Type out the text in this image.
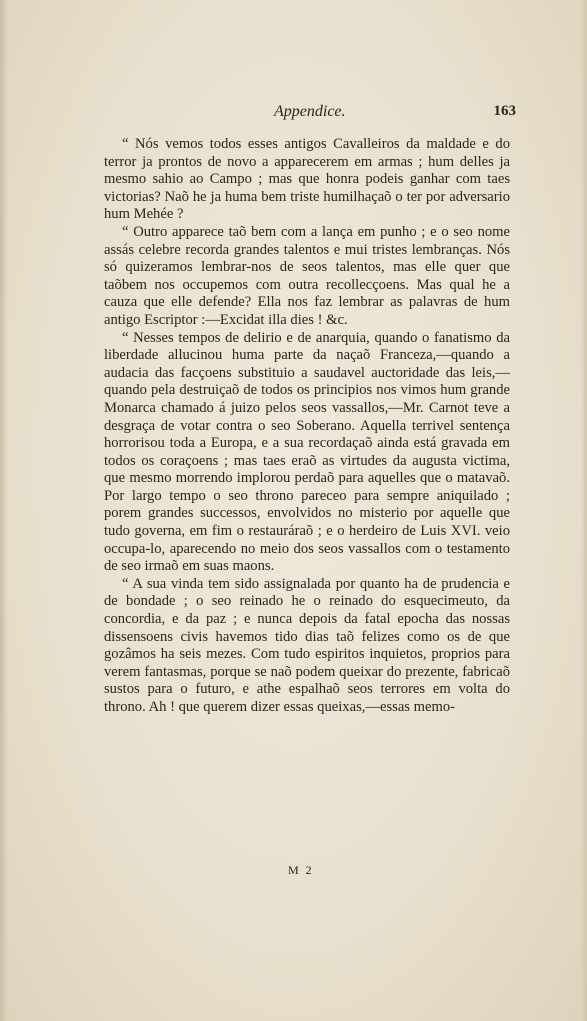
Appendice.	163

“ Nós vemos todos esses antigos Cavalleiros da maldade e do terror ja prontos de novo a apparecerem em armas ; hum delles ja mesmo sahio ao Campo ; mas que honra podeis ganhar com taes victorias? Naõ he ja huma bem triste humilhaçaõ o ter por adversario hum Mehée ?

“ Outro apparece taõ bem com a lança em punho ; e o seo nome assás celebre recorda grandes talentos e mui tristes lembranças. Nós só quizeramos lembrar-nos de seos talentos, mas elle quer que taõbem nos occupemos com outra recollecçoens. Mas qual he a cauza que elle defende? Ella nos faz lembrar as palavras de hum antigo Escriptor :—Excidat illa dies ! &c.

“ Nesses tempos de delirio e de anarquia, quando o fanatismo da liberdade allucinou huma parte da naçaõ Franceza,—quando a audacia das facçoens substituio a saudavel auctoridade das leis,—quando pela destruiçaõ de todos os principios nos vimos hum grande Monarca chamado á juizo pelos seos vassallos,—Mr. Carnot teve a desgraça de votar contra o seo Soberano. Aquella terrivel sentença horrorisou toda a Europa, e a sua recordaçaõ ainda está gravada em todos os coraçoens ; mas taes eraõ as virtudes da augusta victima, que mesmo morrendo implorou perdaõ para aquelles que o matavaõ. Por largo tempo o seo throno pareceo para sempre aniquilado ; porem grandes successos, envolvidos no misterio por aquelle que tudo governa, em fim o restauráraõ ; e o herdeiro de Luis XVI. veio occupa-lo, aparecendo no meio dos seos vassallos com o testamento de seo irmaõ em suas maons.

“ A sua vinda tem sido assignalada por quanto ha de prudencia e de bondade ; o seo reinado he o reinado do esquecimeuto, da concordia, e da paz ; e nunca depois da fatal epocha das nossas dissensoens civis havemos tido dias taõ felizes como os de que gozâmos ha seis mezes. Com tudo espiritos inquietos, proprios para verem fantasmas, porque se naõ podem queixar do prezente, fabricaõ sustos para o futuro, e athe espalhaõ seos terrores em volta do throno. Ah ! que querem dizer essas queixas,—essas memo-

M 2
